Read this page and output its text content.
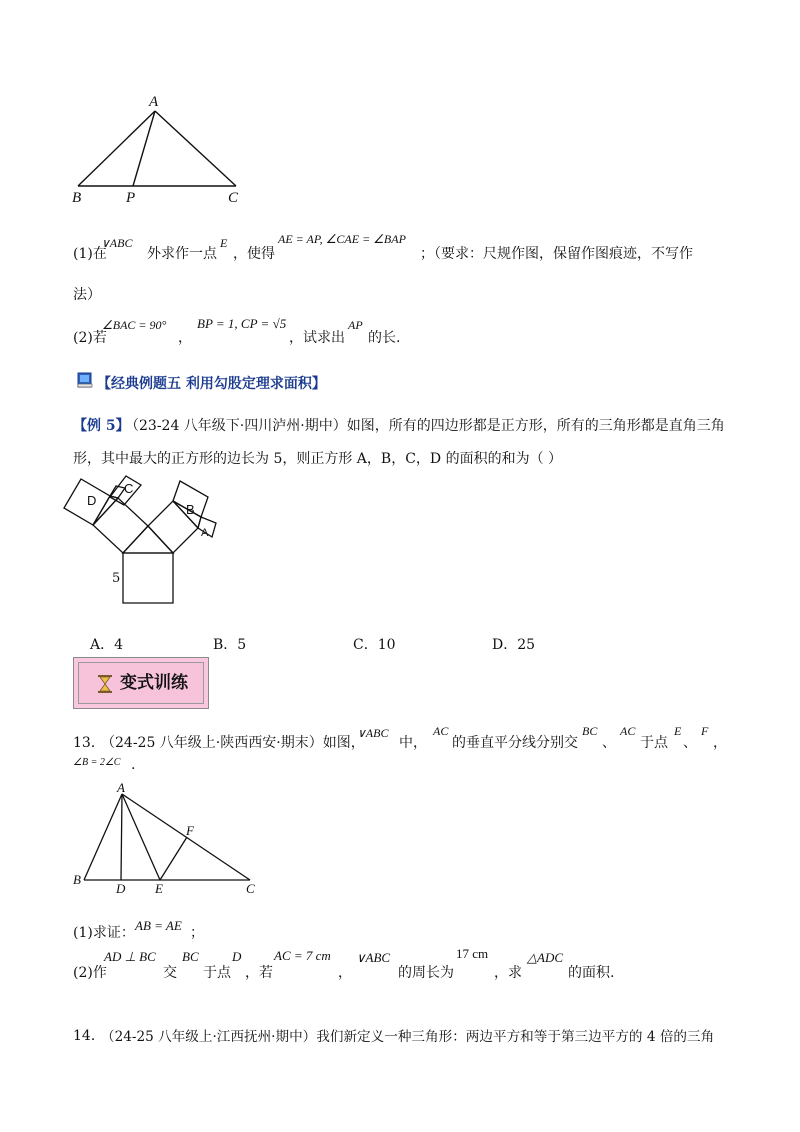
A
B	P	C
(1)在
∨ABC
外求作一点
E
，使得
AE = AP, ∠CAE = ∠BAP
；（要求：尺规作图，保留作图痕迹，不写作
法）
(2)若
∠BAC = 90°
，
BP = 1, CP = √5
，试求出
AP
的长.
【经典例题五 利用勾股定理求面积】
【例 5】
（23-24 八年级下·四川泸州·期中）如图，所有的四边形都是正方形，所有的三角形都是直角三角
形，其中最大的正方形的边长为 5，则正方形 A，B，C，D 的面积的和为（ ）
D
C
B
A
5
A．4	B．5	C．10	D．25
变式训练
13．
（24-25 八年级上·陕西西安·期末）如图，
∨ABC
中，
AC
的垂直平分线分别交
BC
、
AC
于点
E
、
F
，
∠B = 2∠C .
A
F
B
D E	C
(1)求证： AB = AE ；
(2)作
AD ⊥ BC
交
BC
于点
D
，若
AC = 7 cm
，
∨ABC
的周长为
17 cm
，求
△ADC
的面积.
14．
（24-25 八年级上·江西抚州·期中）我们新定义一种三角形：两边平方和等于第三边平方的 4 倍的三角
